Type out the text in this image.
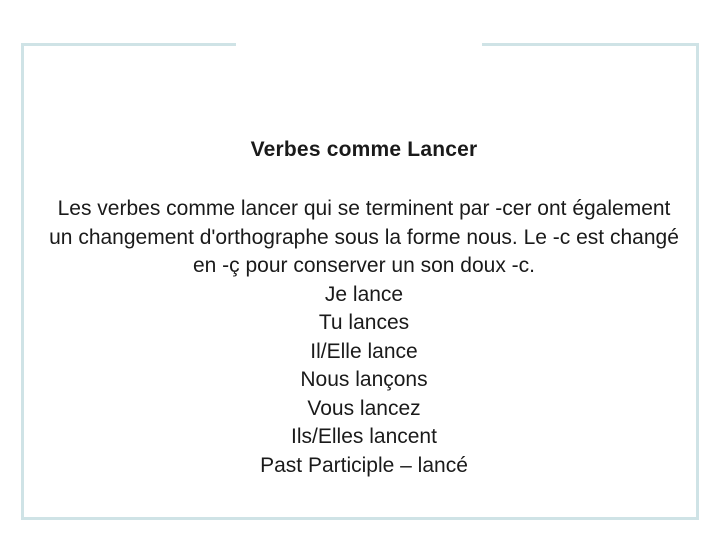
Verbes comme Lancer
Les verbes comme lancer qui se terminent par -cer ont également un changement d'orthographe sous la forme nous. Le -c est changé en -ç pour conserver un son doux -c.
Je lance
Tu lances
Il/Elle lance
Nous lançons
Vous lancez
Ils/Elles lancent
Past Participle – lancé
